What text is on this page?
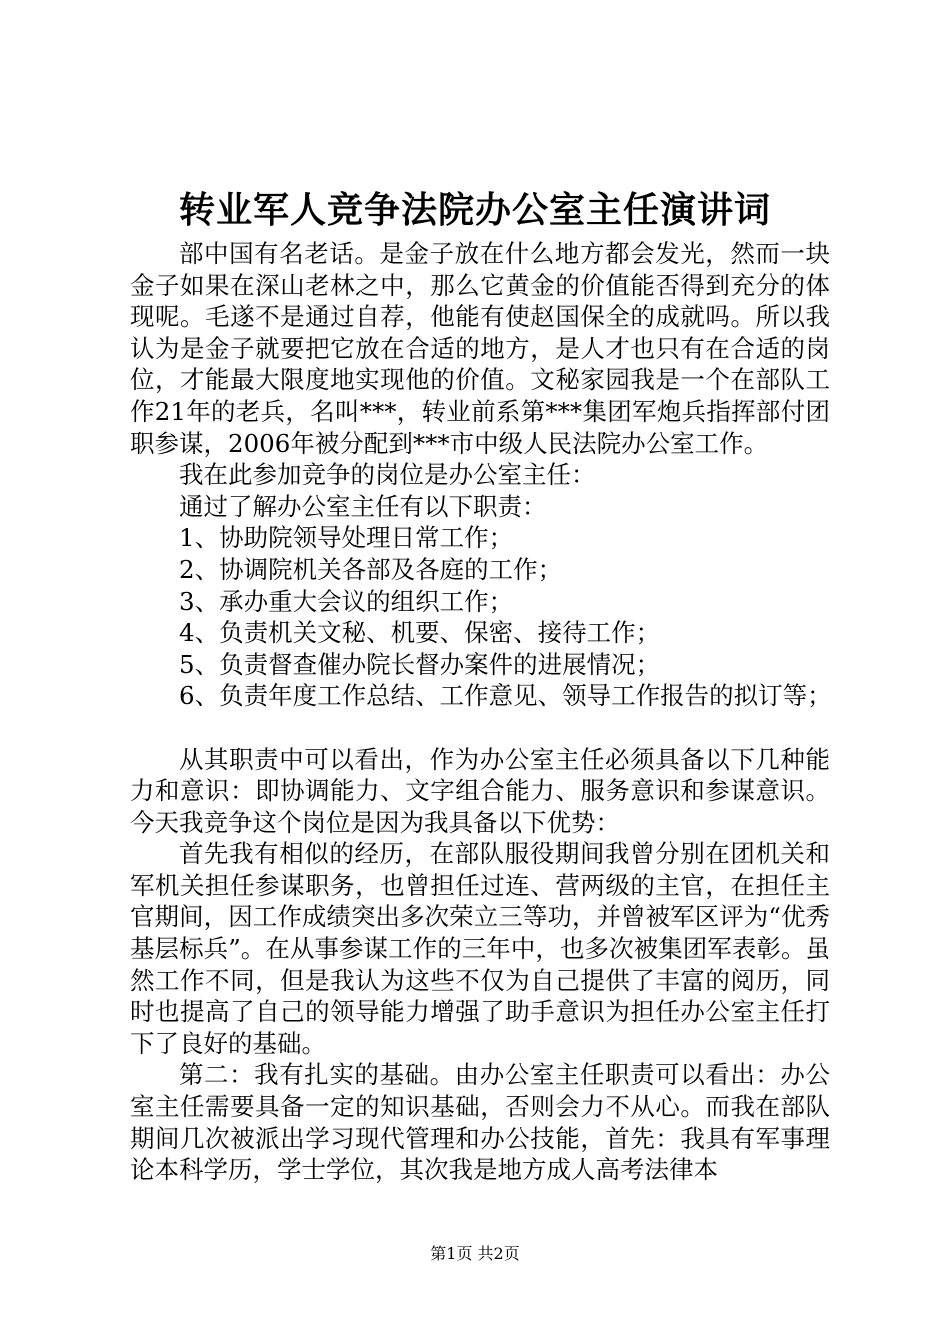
转业军人竞争法院办公室主任演讲词

部中国有名老话。是金子放在什么地方都会发光，然而一块金子如果在深山老林之中，那么它黄金的价值能否得到充分的体现呢。毛遂不是通过自荐，他能有使赵国保全的成就吗。所以我认为是金子就要把它放在合适的地方，是人才也只有在合适的岗位，才能最大限度地实现他的价值。文秘家园我是一个在部队工作21年的老兵，名叫***，转业前系第***集团军炮兵指挥部付团职参谋，2006年被分配到***市中级人民法院办公室工作。

我在此参加竞争的岗位是办公室主任：

通过了解办公室主任有以下职责：

1、协助院领导处理日常工作；

2、协调院机关各部及各庭的工作；

3、承办重大会议的组织工作；

4、负责机关文秘、机要、保密、接待工作；

5、负责督查催办院长督办案件的进展情况；

6、负责年度工作总结、工作意见、领导工作报告的拟订等；

从其职责中可以看出，作为办公室主任必须具备以下几种能力和意识：即协调能力、文字组合能力、服务意识和参谋意识。今天我竞争这个岗位是因为我具备以下优势：

首先我有相似的经历，在部队服役期间我曾分别在团机关和军机关担任参谋职务，也曾担任过连、营两级的主官，在担任主官期间，因工作成绩突出多次荣立三等功，并曾被军区评为“优秀基层标兵”。在从事参谋工作的三年中，也多次被集团军表彰。虽然工作不同，但是我认为这些不仅为自己提供了丰富的阅历，同时也提高了自己的领导能力增强了助手意识为担任办公室主任打下了良好的基础。

第二：我有扎实的基础。由办公室主任职责可以看出：办公室主任需要具备一定的知识基础，否则会力不从心。而我在部队期间几次被派出学习现代管理和办公技能，首先：我具有军事理论本科学历，学士学位，其次我是地方成人高考法律本

第1页 共2页
